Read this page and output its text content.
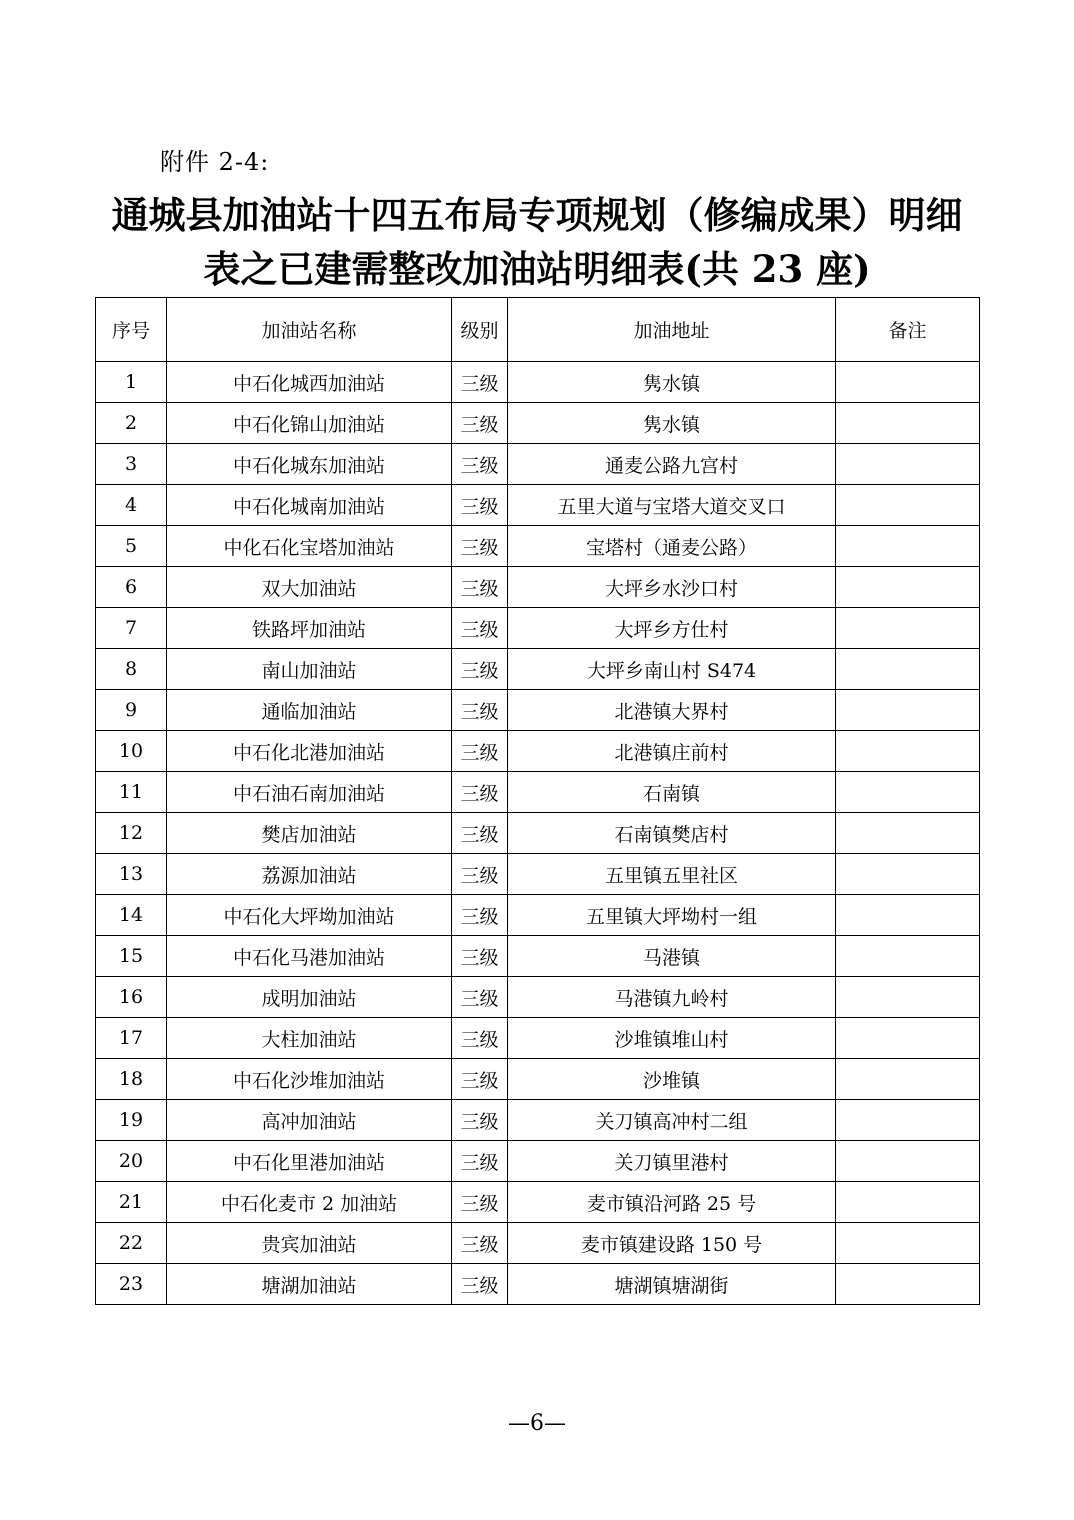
附件 2-4:
通城县加油站十四五布局专项规划（修编成果）明细
表之已建需整改加油站明细表(共 23 座)
序号	加油站名称	级别	加油地址	备注
1	中石化城西加油站	三级	隽水镇	
2	中石化锦山加油站	三级	隽水镇	
3	中石化城东加油站	三级	通麦公路九宫村	
4	中石化城南加油站	三级	五里大道与宝塔大道交叉口	
5	中化石化宝塔加油站	三级	宝塔村（通麦公路）	
6	双大加油站	三级	大坪乡水沙口村	
7	铁路坪加油站	三级	大坪乡方仕村	
8	南山加油站	三级	大坪乡南山村 S474	
9	通临加油站	三级	北港镇大界村	
10	中石化北港加油站	三级	北港镇庄前村	
11	中石油石南加油站	三级	石南镇	
12	樊店加油站	三级	石南镇樊店村	
13	荔源加油站	三级	五里镇五里社区	
14	中石化大坪坳加油站	三级	五里镇大坪坳村一组	
15	中石化马港加油站	三级	马港镇	
16	成明加油站	三级	马港镇九岭村	
17	大柱加油站	三级	沙堆镇堆山村	
18	中石化沙堆加油站	三级	沙堆镇	
19	高冲加油站	三级	关刀镇高冲村二组	
20	中石化里港加油站	三级	关刀镇里港村	
21	中石化麦市 2 加油站	三级	麦市镇沿河路 25 号	
22	贵宾加油站	三级	麦市镇建设路 150 号	
23	塘湖加油站	三级	塘湖镇塘湖街	
—6—
